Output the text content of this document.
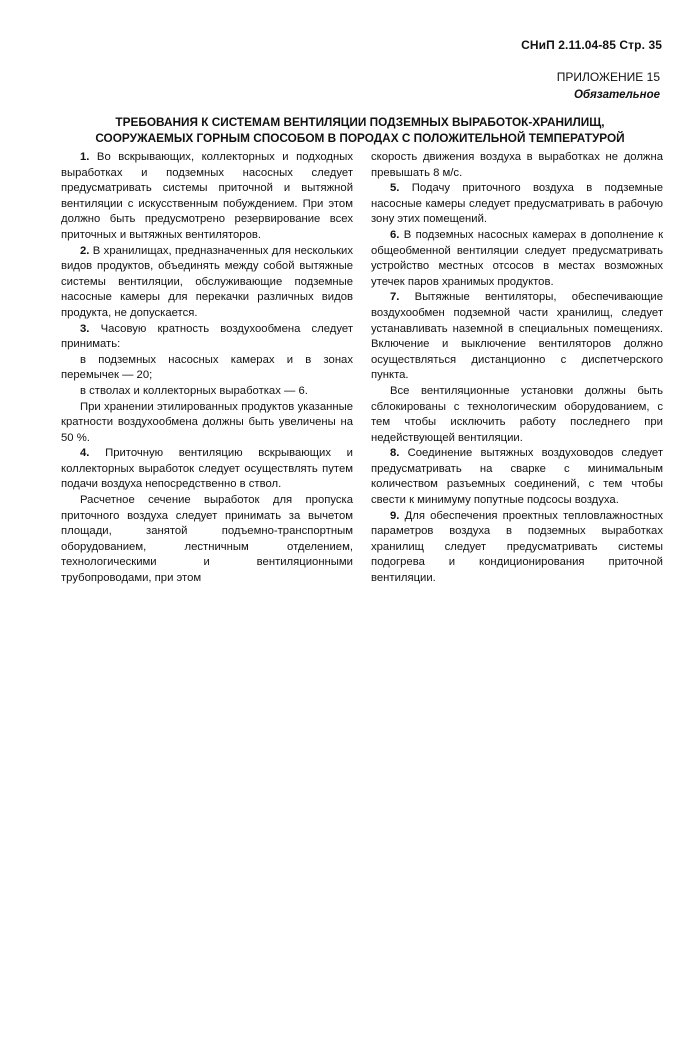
СНиП 2.11.04-85 Стр. 35
ПРИЛОЖЕНИЕ 15
Обязательное
ТРЕБОВАНИЯ К СИСТЕМАМ ВЕНТИЛЯЦИИ ПОДЗЕМНЫХ ВЫРАБОТОК-ХРАНИЛИЩ,
СООРУЖАЕМЫХ ГОРНЫМ СПОСОБОМ В ПОРОДАХ С ПОЛОЖИТЕЛЬНОЙ ТЕМПЕРАТУРОЙ

1. Во вскрывающих, коллекторных и подходных выработках и подземных насосных следует предусматривать системы приточной и вытяжной вентиляции с искусственным побуждением. При этом должно быть предусмотрено резервирование всех приточных и вытяжных вентиляторов.

2. В хранилищах, предназначенных для нескольких видов продуктов, объединять между собой вытяжные системы вентиляции, обслуживающие подземные насосные камеры для перекачки различных видов продукта, не допускается.

3. Часовую кратность воздухообмена следует принимать:

в подземных насосных камерах и в зонах перемычек — 20;

в стволах и коллекторных выработках — 6.

При хранении этилированных продуктов указанные кратности воздухообмена должны быть увеличены на 50 %.

4. Приточную вентиляцию вскрывающих и коллекторных выработок следует осуществлять путем подачи воздуха непосредственно в ствол.

Расчетное сечение выработок для пропуска приточного воздуха следует принимать за вычетом площади, занятой подъемно-транспортным оборудованием, лестничным отделением, технологическими и вентиляционными трубопроводами, при этом

скорость движения воздуха в выработках не должна превышать 8 м/с.

5. Подачу приточного воздуха в подземные насосные камеры следует предусматривать в рабочую зону этих помещений.

6. В подземных насосных камерах в дополнение к общеобменной вентиляции следует предусматривать устройство местных отсосов в местах возможных утечек паров хранимых продуктов.

7. Вытяжные вентиляторы, обеспечивающие воздухообмен подземной части хранилищ, следует устанавливать наземной в специальных помещениях. Включение и выключение вентиляторов должно осуществляться дистанционно с диспетчерского пункта.

Все вентиляционные установки должны быть сблокированы с технологическим оборудованием, с тем чтобы исключить работу последнего при недействующей вентиляции.

8. Соединение вытяжных воздуховодов следует предусматривать на сварке с минимальным количеством разъемных соединений, с тем чтобы свести к минимуму попутные подсосы воздуха.

9. Для обеспечения проектных тепловлажностных параметров воздуха в подземных выработках хранилищ следует предусматривать системы подогрева и кондиционирования приточной вентиляции.
